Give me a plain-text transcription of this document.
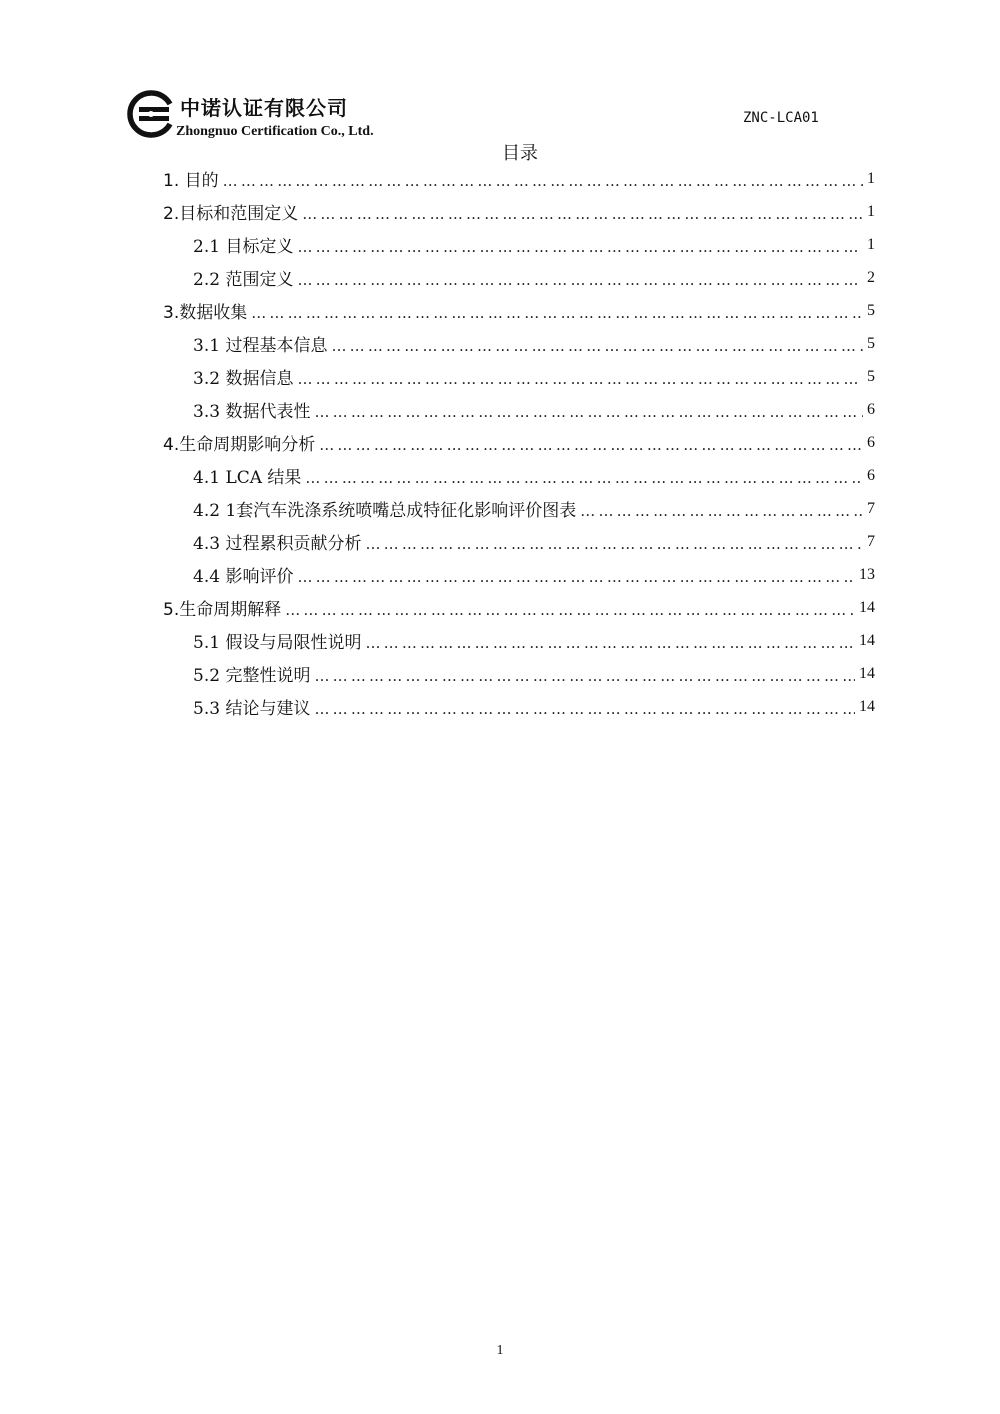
中诺认证有限公司
Zhongnuo Certification Co., Ltd.
ZNC-LCA01
目录
1. 目的 ……………………………………………………………………………………………………………………………………………………………………………………………………	1
2.目标和范围定义 ……………………………………………………………………………………………………………………………………………………………………………………………………	1
2.1 目标定义 ……………………………………………………………………………………………………………………………………………………………………………………………………	1
2.2 范围定义 ……………………………………………………………………………………………………………………………………………………………………………………………………	2
3.数据收集 ……………………………………………………………………………………………………………………………………………………………………………………………………	5
3.1 过程基本信息 ……………………………………………………………………………………………………………………………………………………………………………………………………	5
3.2 数据信息 ……………………………………………………………………………………………………………………………………………………………………………………………………	5
3.3 数据代表性 ……………………………………………………………………………………………………………………………………………………………………………………………………	6
4.生命周期影响分析 ……………………………………………………………………………………………………………………………………………………………………………………………………	6
4.1 LCA 结果 ……………………………………………………………………………………………………………………………………………………………………………………………………	6
4.2 1套汽车洗涤系统喷嘴总成特征化影响评价图表 ……………………………………………………………………………………………………………………………………………………………………………………………………	7
4.3 过程累积贡献分析 ……………………………………………………………………………………………………………………………………………………………………………………………………	7
4.4 影响评价 ……………………………………………………………………………………………………………………………………………………………………………………………………	13
5.生命周期解释 ……………………………………………………………………………………………………………………………………………………………………………………………………	14
5.1 假设与局限性说明 ……………………………………………………………………………………………………………………………………………………………………………………………………	14
5.2 完整性说明 ……………………………………………………………………………………………………………………………………………………………………………………………………	14
5.3 结论与建议 ……………………………………………………………………………………………………………………………………………………………………………………………………	14
1
